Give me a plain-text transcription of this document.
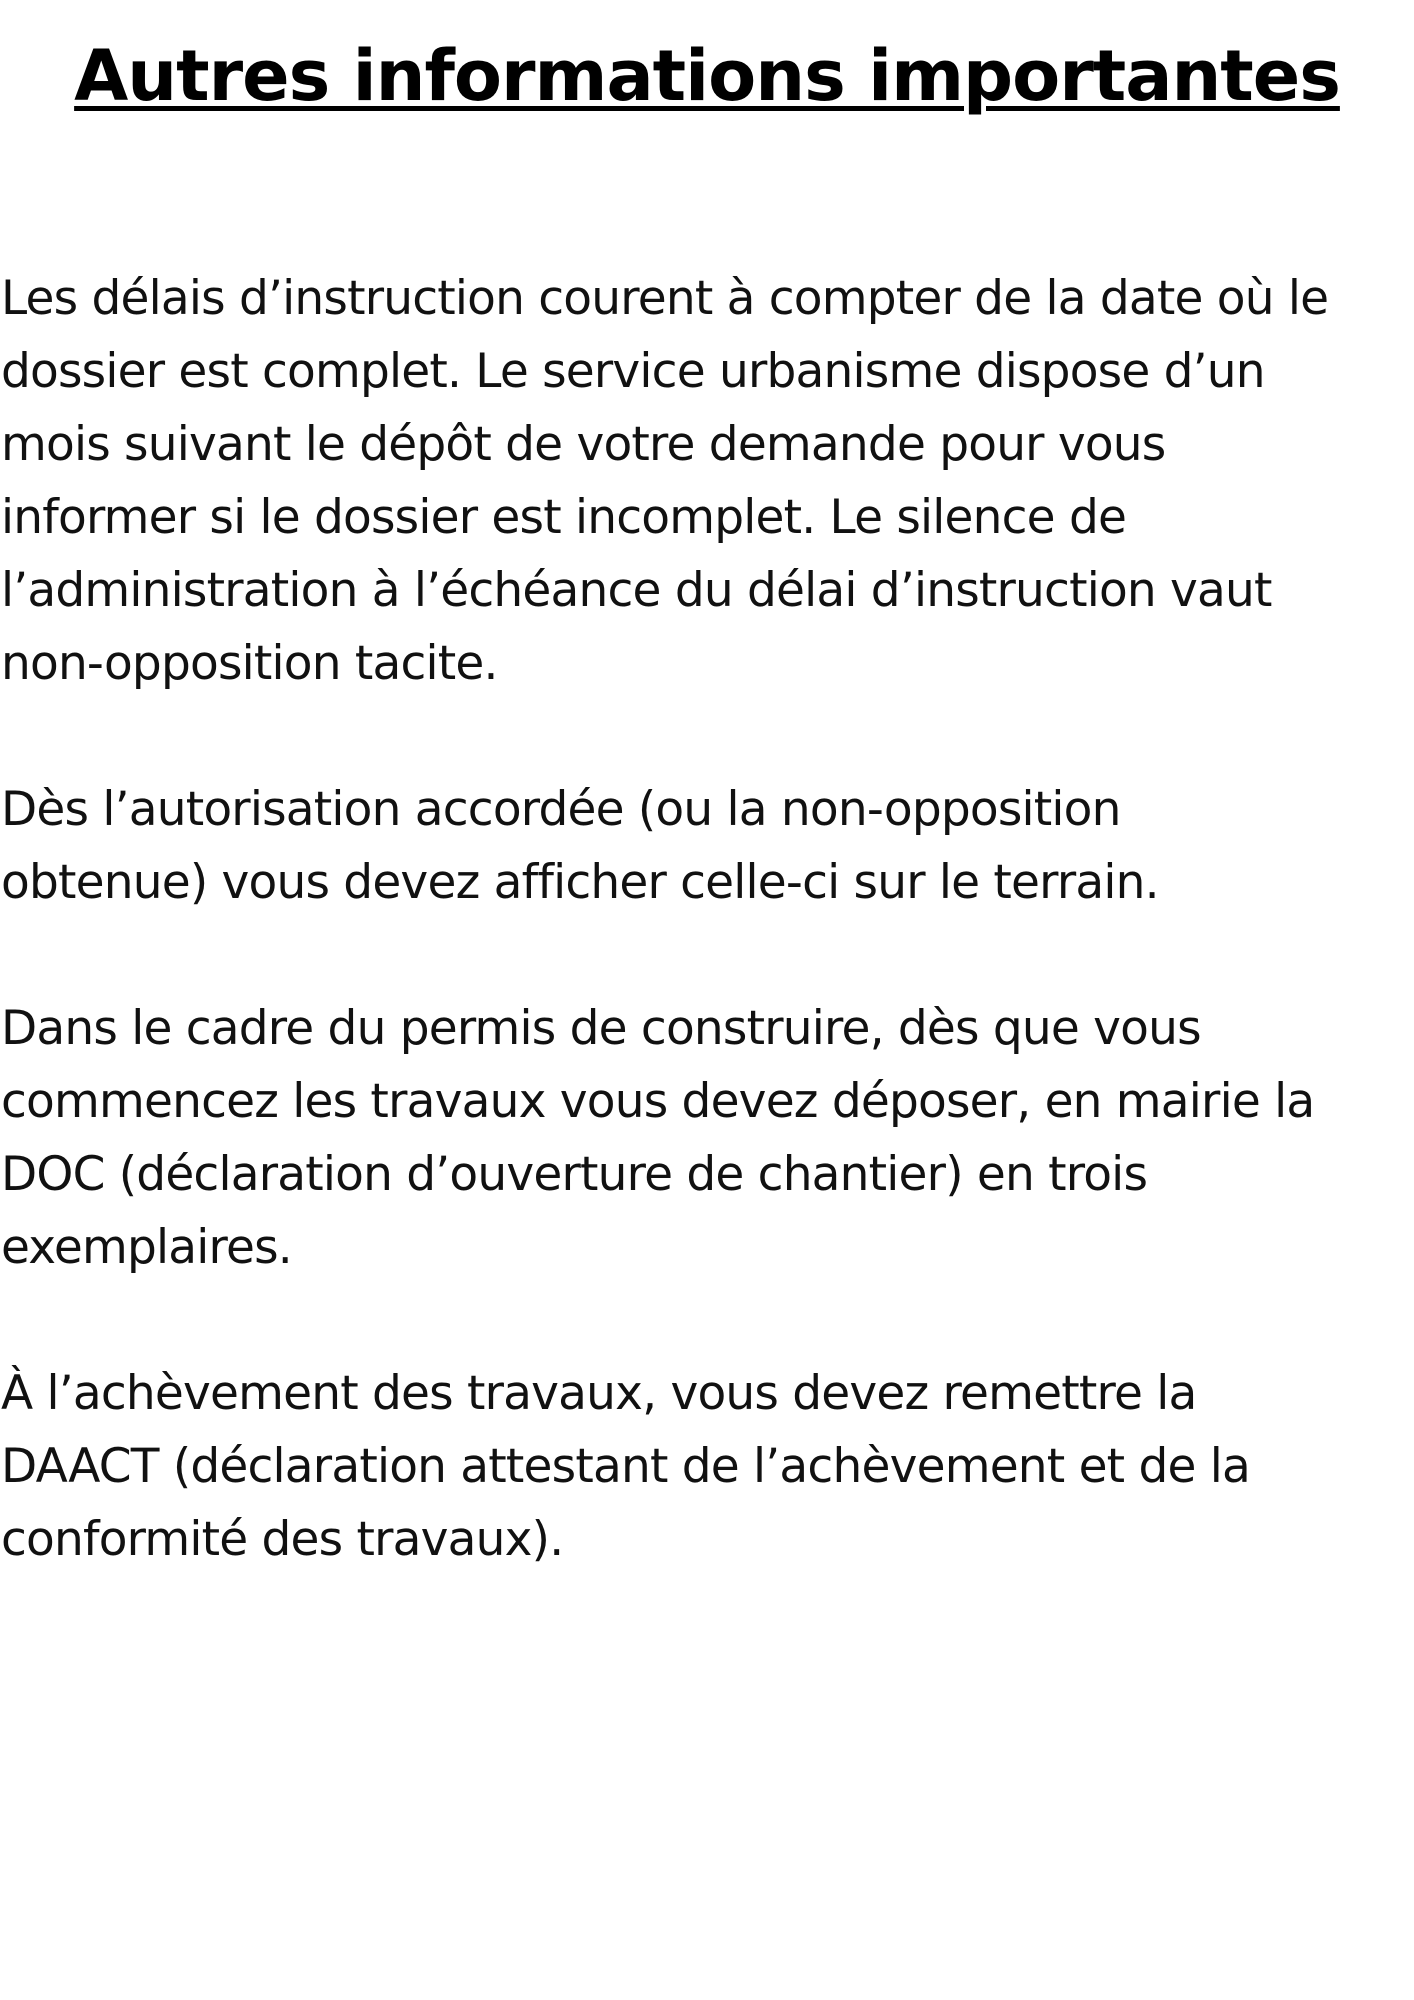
Autres informations importantes

Les délais d’instruction courent à compter de la date où le
dossier est complet. Le service urbanisme dispose d’un
mois suivant le dépôt de votre demande pour vous
informer si le dossier est incomplet. Le silence de
l’administration à l’échéance du délai d’instruction vaut
non-opposition tacite.

Dès l’autorisation accordée (ou la non-opposition
obtenue) vous devez afficher celle-ci sur le terrain.

Dans le cadre du permis de construire, dès que vous
commencez les travaux vous devez déposer, en mairie la
DOC (déclaration d’ouverture de chantier) en trois
exemplaires.

À l’achèvement des travaux, vous devez remettre la
DAACT (déclaration attestant de l’achèvement et de la
conformité des travaux).
